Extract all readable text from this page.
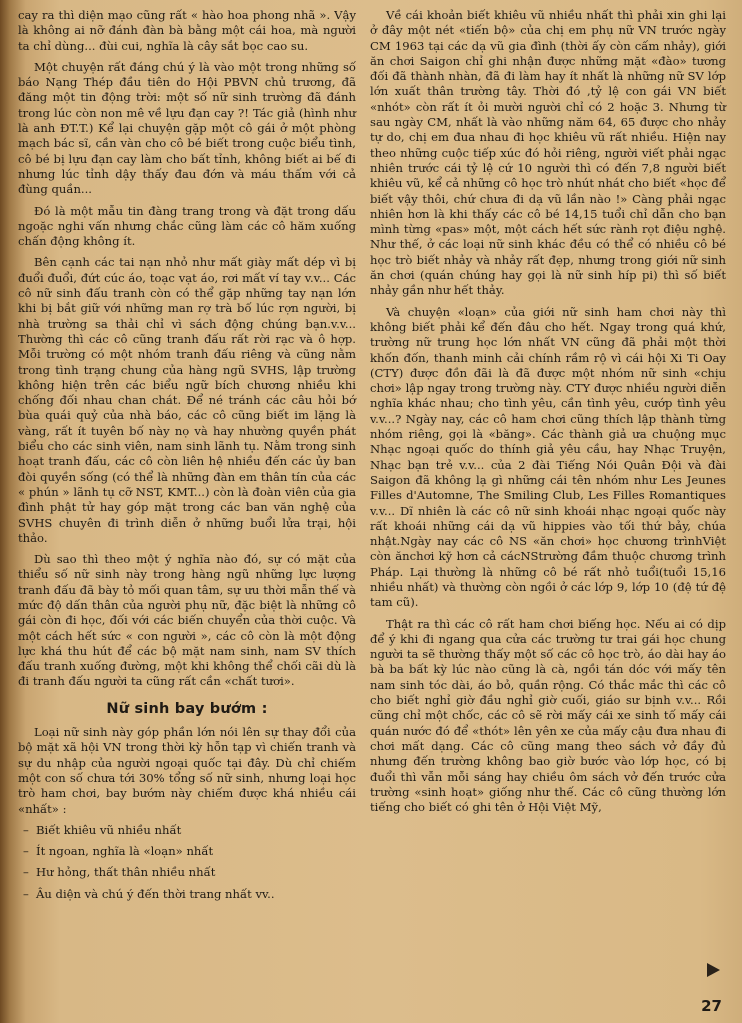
cay ra thì diện mạo cũng rất « hào hoa phong nhã ». Vậy là không ai nỡ đánh đàn bà bằng một cái hoa, mà người ta chỉ dùng... đùi cui, nghĩa là cây sắt bọc cao su.

Một chuyện rất đáng chú ý là vào một trong những số báo Nạng Thép đầu tiên do Hội PBVN chủ trương, đã đăng một tin động trời: một số nữ sinh trường đã đánh trong lúc còn non mê về lựu đạn cay ?! Tác giả (hình như là anh ĐT.T.) Kể lại chuyện gặp một cô gái ở một phòng mạch bác sĩ, cần vàn cho cô bé biết trong cuộc biểu tình, cô bé bị lựu đạn cay làm cho bất tỉnh, không biết ai bế đi nhưng lúc tỉnh dậy thấy đau đớn và máu thấm với cả đùng quần...

Đó là một mẫu tin đàng trang trong và đặt trong dấu ngoặc nghi vấn nhưng chắc cũng làm các cô hăm xuống chấn động không ít.

Bên cạnh các tai nạn nhỏ như mất giày mất dép vì bị đuổi đuổi, đứt cúc áo, toạc vạt áo, rơi mất ví tay v.v... Các cô nữ sinh đấu tranh còn có thể gặp những tay nạn lớn khi bị bắt giữ với những man rợ trà bố lúc rợn người, bị nhà trường sa thải chỉ vì sách động chúng bạn.v.v... Thường thì các cô cũng tranh đấu rất rời rạc và ô hợp. Mỗi trường có một nhóm tranh đấu riêng và cũng nằm trong tình trạng chung của hàng ngũ SVHS, lập trường không hiện trên các biểu ngữ bích chương nhiều khi chống đối nhau chan chát. Để né tránh các câu hỏi bớ bùa quái quỷ của nhà báo, các cô cũng biết im lặng là vàng, rất ít tuyên bố này nọ và hay nhường quyền phát biểu cho các sinh viên, nam sinh lãnh tụ. Nằm trong sinh hoạt tranh đấu, các cô còn liên hệ nhiều đến các ủy ban đòi quyền sống (có thể là những đàn em thân tín của các « phún » lãnh tụ cỡ NST, KMT...) còn là đoàn viên của gia đình phật tử hay góp mặt trong các ban văn nghệ của SVHS chuyên đi trình diễn ở những buổi lửa trại, hội thảo.

Dù sao thì theo một ý nghĩa nào đó, sự có mặt của thiểu số nữ sinh này trong hàng ngũ những lực lượng tranh đấu đã bày tỏ mối quan tâm, sự ưu thời mẫn thế và mức độ dấn thân của người phụ nữ, đặc biệt là những cô gái còn đi học, đối với các biến chuyển của thời cuộc. Và một cách hết sức « con người », các cô còn là một động lực khá thu hút để các bộ mặt nam sinh, nam SV thích đấu tranh xuống đường, một khi không thể chối cãi dù là đi tranh đấu người ta cũng rất cần «chất tươi».

Nữ sinh bay bướm :

Loại nữ sinh này góp phần lớn nói lên sự thay đổi của bộ mặt xã hội VN trong thời kỳ hỗn tạp vì chiến tranh và sự du nhập của người ngoại quốc tại đây. Dù chỉ chiếm một con số chưa tới 30% tổng số nữ sinh, nhưng loại học trò ham chơi, bay bướm này chiếm được khá nhiều cái «nhất» :

– Biết khiêu vũ nhiều nhất
– Ít ngoan, nghĩa là «loạn» nhất
– Hư hỏng, thất thân nhiều nhất
– Âu diện và chú ý đến thời trang nhất vv..

Về cái khoản biết khiêu vũ nhiều nhất thì phải xin ghi lại ở đây một nét «tiến bộ» của chị em phụ nữ VN trước ngày CM 1963 tại các dạ vũ gia đình (thời ấy còn cấm nhảy), giới ăn chơi Saigon chỉ ghi nhận được những mặt «đào» tương đối đã thành nhàn, đã đi làm hay ít nhất là những nữ SV lớp lớn xuất thân trường tây. Thời đó ,tỷ lệ con gái VN biết «nhót» còn rất ít ỏi mười người chỉ có 2 hoặc 3. Nhưng từ sau ngày CM, nhất là vào những năm 64, 65 được cho nhảy tự do, chị em đua nhau đi học khiêu vũ rất nhiều. Hiện nay theo những cuộc tiếp xúc đó hỏi riêng, người viết phải ngạc nhiên trước cái tỷ lệ cứ 10 người thì có đến 7,8 người biết khiêu vũ, kể cả những cô học trò nhút nhát cho biết «học để biết vậy thôi, chứ chưa đi dạ vũ lần nào !» Càng phải ngạc nhiên hơn là khi thấy các cô bé 14,15 tuổi chỉ dẫn cho bạn mình từng «pas» một, một cách hết sức rành rọt điệu nghệ. Như thế, ở các loại nữ sinh khác đều có thể có nhiều cô bé học trò biết nhảy và nhảy rất đẹp, nhưng trong giới nữ sinh ăn chơi (quán chúng hay gọi là nữ sinh híp pi) thì số biết nhảy gần như hết thảy.

Và chuyện «loạn» của giới nữ sinh ham chơi này thì không biết phải kể đến đâu cho hết. Ngay trong quá khứ, trường nữ trung học lớn nhất VN cũng đã phải một thời khốn đốn, thanh minh cải chính rầm rộ vì cái hội Xi Ti Oay (CTY) được đồn đãi là đã được một nhóm nữ sinh «chịu chơi» lập ngay trong trường này. CTY được nhiều người diễn nghĩa khác nhau; cho tình yêu, cần tình yêu, cướp tình yêu v.v...? Ngày nay, các cô ham chơi cũng thích lập thành từng nhóm riêng, gọi là «băng». Các thành giả ưa chuộng mục Nhạc ngoại quốc do thính giả yêu cầu, hay Nhạc Truyện, Nhạc bạn trẻ v.v... của 2 đài Tiếng Nói Quân Đội và đài Saigon đã không lạ gì những cái tên nhóm như Les Jeunes Filles d'Automne, The Smiling Club, Les Filles Romantiques v.v... Dĩ nhiên là các cô nữ sinh khoái nhạc ngoại quốc này rất khoái những cái dạ vũ hippies vào tối thứ bảy, chúa nhật.Ngày nay các cô NS «ăn chơi» học chương trìnhViệt còn ănchơi kỹ hơn cả cácNStrường đầm thuộc chương trình Pháp. Lại thường là những cô bé rất nhỏ tuổi(tuổi 15,16 nhiều nhất) và thường còn ngồi ở các lớp 9, lớp 10 (đệ tứ đệ tam cũ).

Thật ra thì các cô rất ham chơi biếng học. Nếu ai có dịp để ý khi đi ngang qua cửa các trường tư trai gái học chung người ta sẽ thường thấy một số các cô học trò, áo dài hay áo bà ba bất kỳ lúc nào cũng là cà, ngồi tán dóc với mấy tên nam sinh tóc dài, áo bỏ, quần rộng. Có thắc mắc thì các cô cho biết nghỉ giờ đầu nghỉ giờ cuối, giáo sư bịnh v.v... Rồi cũng chỉ một chốc, các cô sẽ rời mấy cái xe sinh tố mấy cái quán nước đó để «thót» lên yên xe của mấy cậu đưa nhau đi chơi mất dạng. Các cô cũng mang theo sách vở đầy đủ nhưng đến trường không bao giờ bước vào lớp học, có bị đuổi thì vẫn mỗi sáng hay chiều ôm sách vở đến trước cửa trường «sinh hoạt» giống như thế. Các cô cũng thường lớn tiếng cho biết có ghi tên ở Hội Việt Mỹ,

27
